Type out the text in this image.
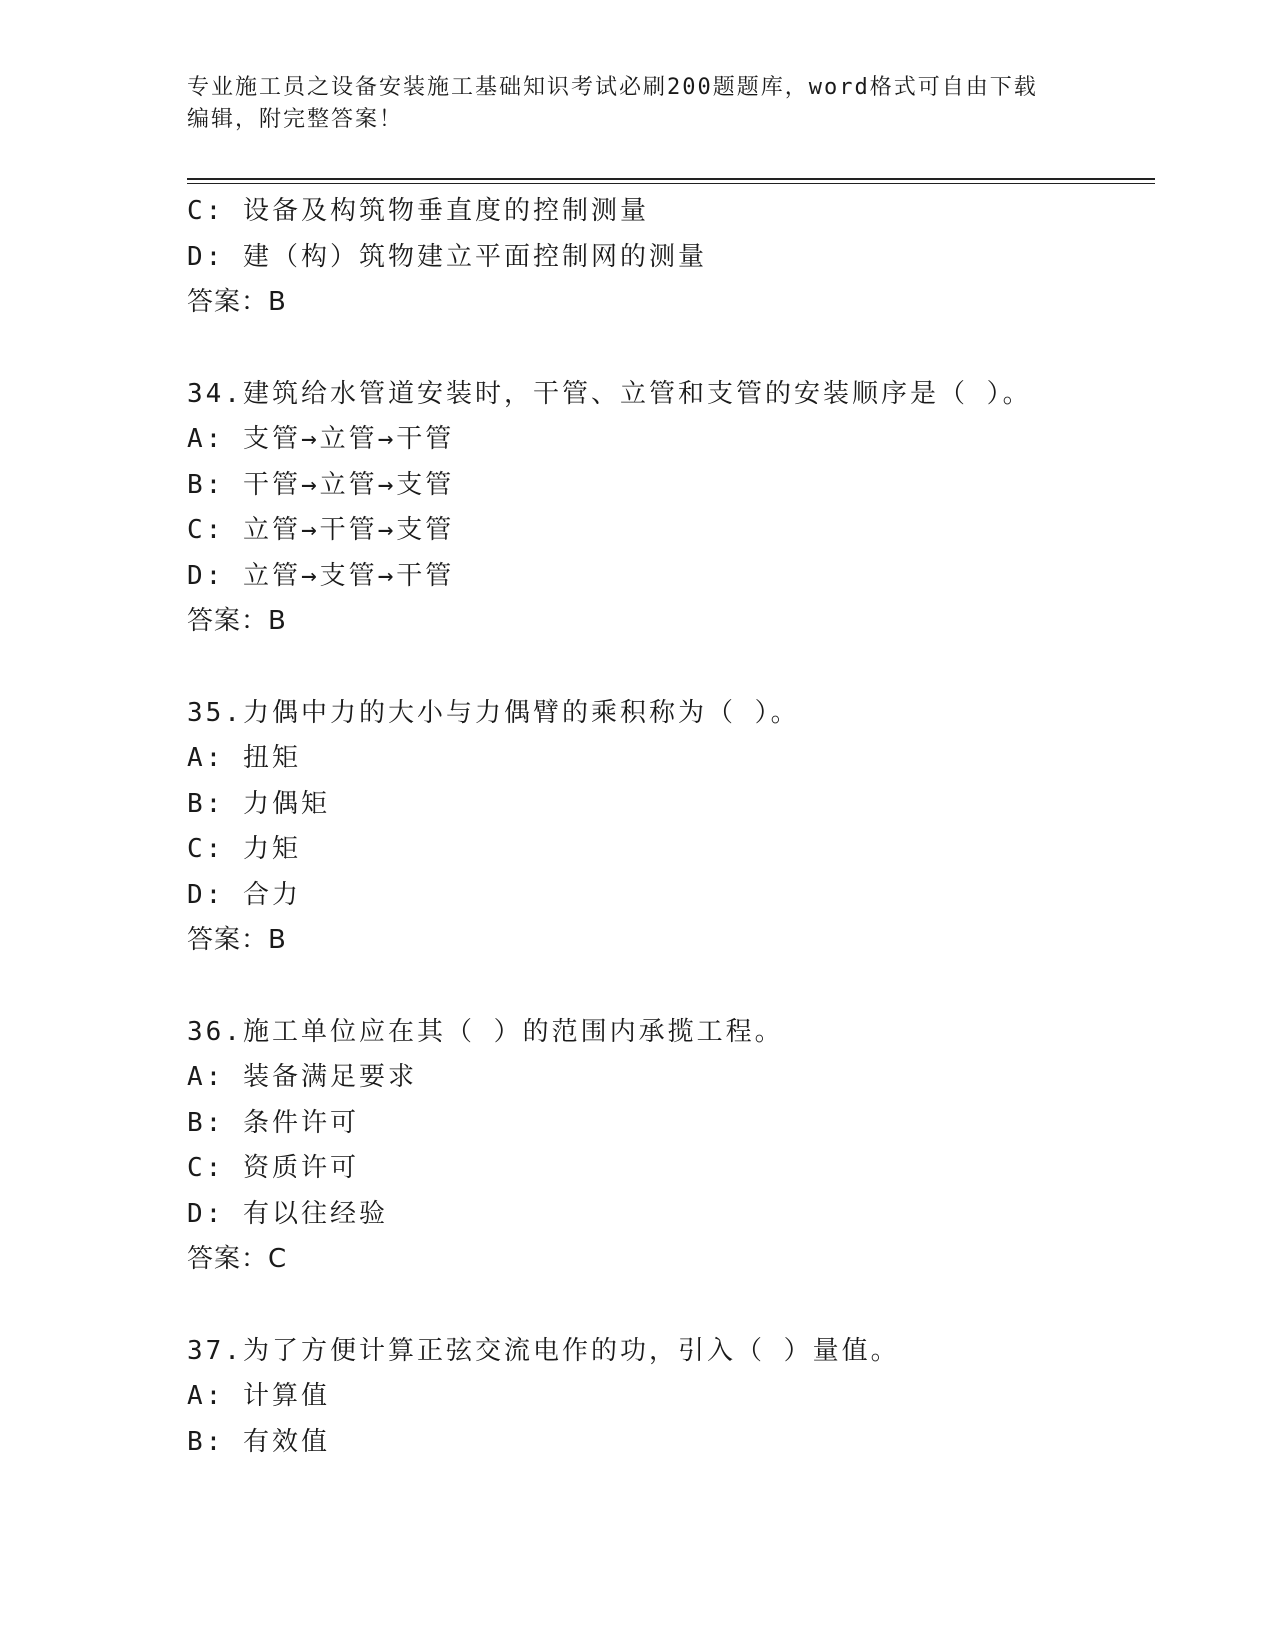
专业施工员之设备安装施工基础知识考试必刷200题题库，word格式可自由下载
编辑，附完整答案！
C: 设备及构筑物垂直度的控制测量
D: 建（构）筑物建立平面控制网的测量
答案：B
34.建筑给水管道安装时，干管、立管和支管的安装顺序是（ ）。
A: 支管→立管→干管
B: 干管→立管→支管
C: 立管→干管→支管
D: 立管→支管→干管
答案：B
35.力偶中力的大小与力偶臂的乘积称为（ ）。
A: 扭矩
B: 力偶矩
C: 力矩
D: 合力
答案：B
36.施工单位应在其（ ）的范围内承揽工程。
A: 装备满足要求
B: 条件许可
C: 资质许可
D: 有以往经验
答案：C
37.为了方便计算正弦交流电作的功，引入（ ）量值。
A: 计算值
B: 有效值
